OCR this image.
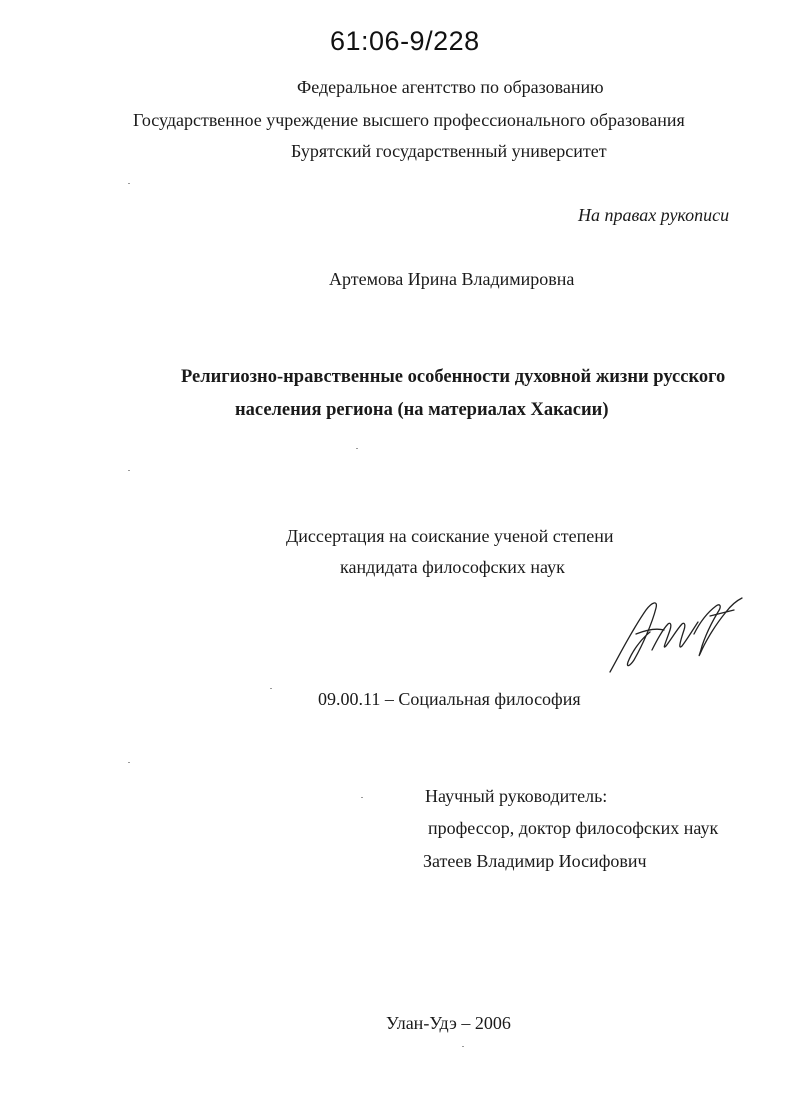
61:06-9/228
Федеральное агентство по образованию
Государственное учреждение высшего профессионального образования
Бурятский государственный университет
На правах рукописи
Артемова Ирина Владимировна
Религиозно-нравственные особенности духовной жизни русского
населения региона (на материалах Хакасии)
Диссертация на соискание ученой степени
кандидата философских наук
09.00.11 – Социальная философия
Научный руководитель:
профессор, доктор философских наук
Затеев Владимир Иосифович
Улан-Удэ – 2006
